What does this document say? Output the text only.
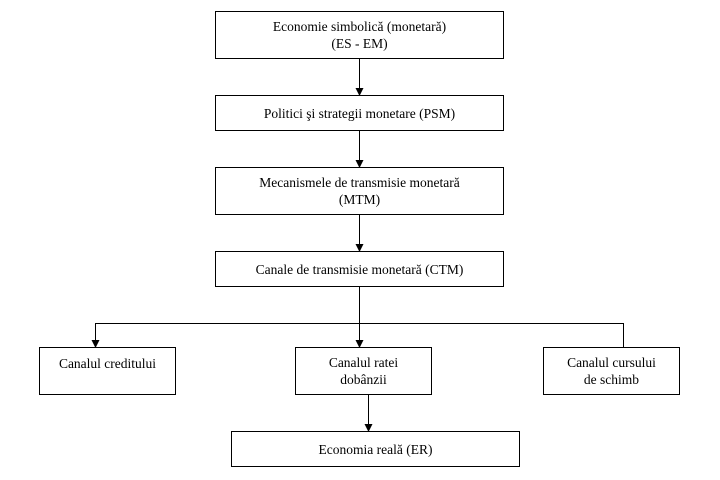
Economie simbolică (monetară)
(ES - EM)
Politici şi strategii monetare (PSM)
Mecanismele de transmisie monetară
(MTM)
Canale de transmisie monetară (CTM)
Canalul creditului	Canalul ratei
dobânzii
Canalul cursului
de schimb
Economia reală (ER)
